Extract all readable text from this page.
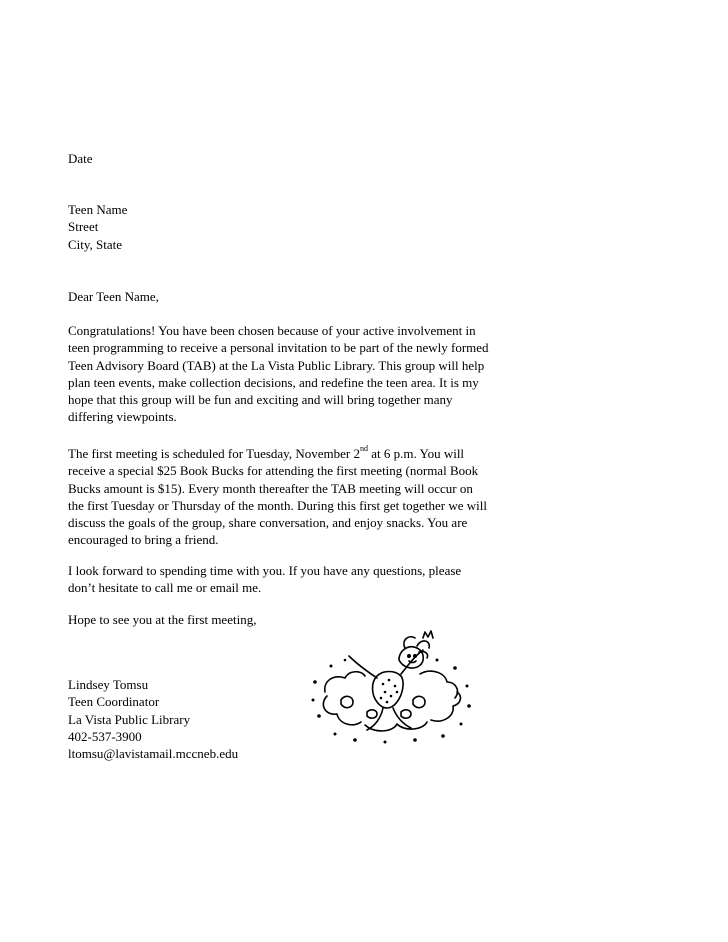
Date
Teen Name
Street
City, State
Dear Teen Name,
Congratulations! You have been chosen because of your active involvement in
teen programming to receive a personal invitation to be part of the newly formed
Teen Advisory Board (TAB) at the La Vista Public Library. This group will help
plan teen events, make collection decisions, and redefine the teen area. It is my
hope that this group will be fun and exciting and will bring together many
differing viewpoints.
The first meeting is scheduled for Tuesday, November 2nd at 6 p.m. You will
receive a special $25 Book Bucks for attending the first meeting (normal Book
Bucks amount is $15). Every month thereafter the TAB meeting will occur on
the first Tuesday or Thursday of the month. During this first get together we will
discuss the goals of the group, share conversation, and enjoy snacks. You are
encouraged to bring a friend.
I look forward to spending time with you. If you have any questions, please
don’t hesitate to call me or email me.
Hope to see you at the first meeting,
Lindsey Tomsu
Teen Coordinator
La Vista Public Library
402-537-3900
ltomsu@lavistamail.mccneb.edu
